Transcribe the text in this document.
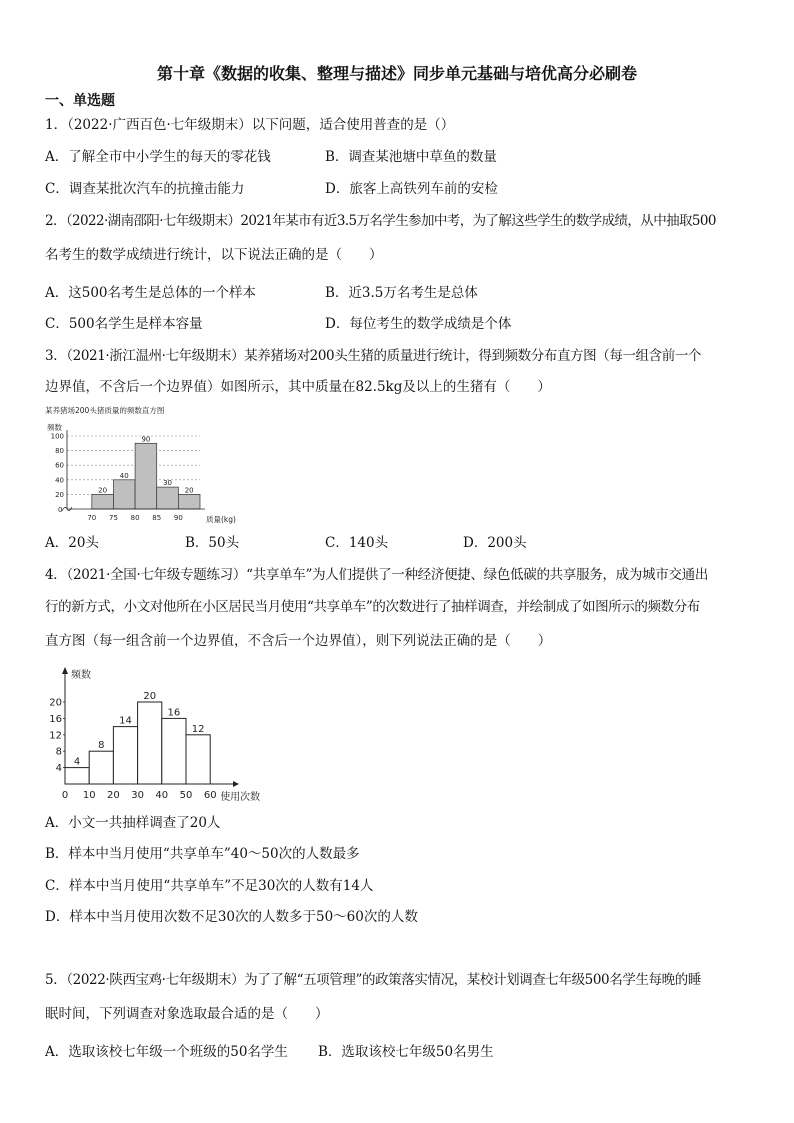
第十章《数据的收集、整理与描述》同步单元基础与培优高分必刷卷
一、单选题
1．（2022·广西百色·七年级期末）以下问题，适合使用普查的是（）
A．了解全市中小学生的每天的零花钱	B．调查某池塘中草鱼的数量
C．调查某批次汽车的抗撞击能力	D．旅客上高铁列车前的安检
2．（2022·湖南邵阳·七年级期末）2021年某市有近3.5万名学生参加中考，为了解这些学生的数学成绩，从中抽取500
名考生的数学成绩进行统计，以下说法正确的是（　　）
A．这500名考生是总体的一个样本	B．近3.5万名考生是总体
C．500名学生是样本容量	D．每位考生的数学成绩是个体
3．（2021·浙江温州·七年级期末）某养猪场对200头生猪的质量进行统计，得到频数分布直方图（每一组含前一个
边界值，不含后一个边界值）如图所示，其中质量在82.5kg及以上的生猪有（　　）
某养猪场200头猪质量的频数直方图
频数
20
40
60
80
100
20
40
90
30
20
0
70 75 80 85 90	质量(kg)
A．20头	B．50头	C．140头	D．200头
4．（2021·全国·七年级专题练习）“共享单车”为人们提供了一种经济便捷、绿色低碳的共享服务，成为城市交通出
行的新方式，小文对他所在小区居民当月使用“共享单车”的次数进行了抽样调查，并绘制成了如图所示的频数分布
直方图（每一组含前一个边界值，不含后一个边界值），则下列说法正确的是（　　）
频数
4
8
12
16
20
4
8
14
20
16
12
0 10 20 30 40 50 60 使用次数
A．小文一共抽样调查了20人
B．样本中当月使用“共享单车”40～50次的人数最多
C．样本中当月使用“共享单车”不足30次的人数有14人
D．样本中当月使用次数不足30次的人数多于50～60次的人数
5．（2022·陕西宝鸡·七年级期末）为了了解“五项管理”的政策落实情况，某校计划调查七年级500名学生每晚的睡
眠时间，下列调查对象选取最合适的是（　　）
A．选取该校七年级一个班级的50名学生 B．选取该校七年级50名男生
